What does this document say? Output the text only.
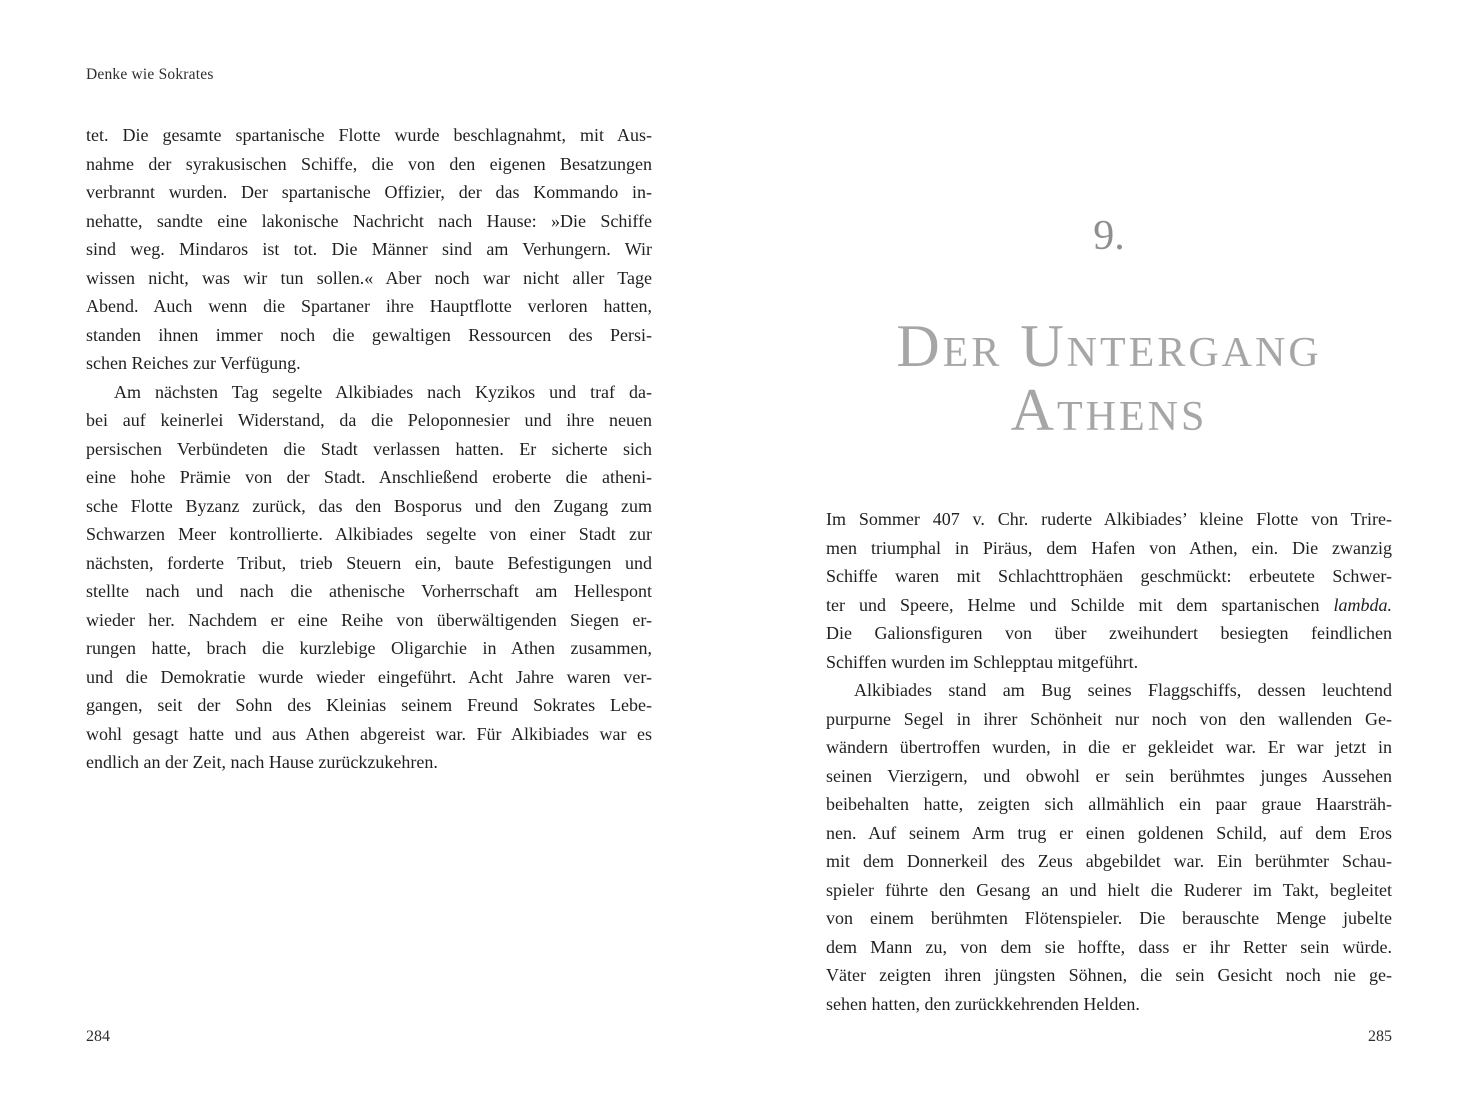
Denke wie Sokrates
tet. Die gesamte spartanische Flotte wurde beschlagnahmt, mit Aus-
nahme der syrakusischen Schiffe, die von den eigenen Besatzungen
verbrannt wurden. Der spartanische Offizier, der das Kommando in-
nehatte, sandte eine lakonische Nachricht nach Hause: »Die Schiffe
sind weg. Mindaros ist tot. Die Männer sind am Verhungern. Wir
wissen nicht, was wir tun sollen.« Aber noch war nicht aller Tage
Abend. Auch wenn die Spartaner ihre Hauptflotte verloren hatten,
standen ihnen immer noch die gewaltigen Ressourcen des Persi-
schen Reiches zur Verfügung.
Am nächsten Tag segelte Alkibiades nach Kyzikos und traf da-
bei auf keinerlei Widerstand, da die Peloponnesier und ihre neuen
persischen Verbündeten die Stadt verlassen hatten. Er sicherte sich
eine hohe Prämie von der Stadt. Anschließend eroberte die atheni-
sche Flotte Byzanz zurück, das den Bosporus und den Zugang zum
Schwarzen Meer kontrollierte. Alkibiades segelte von einer Stadt zur
nächsten, forderte Tribut, trieb Steuern ein, baute Befestigungen und
stellte nach und nach die athenische Vorherrschaft am Hellespont
wieder her. Nachdem er eine Reihe von überwältigenden Siegen er-
rungen hatte, brach die kurzlebige Oligarchie in Athen zusammen,
und die Demokratie wurde wieder eingeführt. Acht Jahre waren ver-
gangen, seit der Sohn des Kleinias seinem Freund Sokrates Lebe-
wohl gesagt hatte und aus Athen abgereist war. Für Alkibiades war es
endlich an der Zeit, nach Hause zurückzukehren.
284
9.
Der Untergang
Athens
Im Sommer 407 v. Chr. ruderte Alkibiades’ kleine Flotte von Trire-
men triumphal in Piräus, dem Hafen von Athen, ein. Die zwanzig
Schiffe waren mit Schlachttrophäen geschmückt: erbeutete Schwer-
ter und Speere, Helme und Schilde mit dem spartanischen lambda.
Die Galionsfiguren von über zweihundert besiegten feindlichen
Schiffen wurden im Schlepptau mitgeführt.
Alkibiades stand am Bug seines Flaggschiffs, dessen leuchtend
purpurne Segel in ihrer Schönheit nur noch von den wallenden Ge-
wändern übertroffen wurden, in die er gekleidet war. Er war jetzt in
seinen Vierzigern, und obwohl er sein berühmtes junges Aussehen
beibehalten hatte, zeigten sich allmählich ein paar graue Haarsträh-
nen. Auf seinem Arm trug er einen goldenen Schild, auf dem Eros
mit dem Donnerkeil des Zeus abgebildet war. Ein berühmter Schau-
spieler führte den Gesang an und hielt die Ruderer im Takt, begleitet
von einem berühmten Flötenspieler. Die berauschte Menge jubelte
dem Mann zu, von dem sie hoffte, dass er ihr Retter sein würde.
Väter zeigten ihren jüngsten Söhnen, die sein Gesicht noch nie ge-
sehen hatten, den zurückkehrenden Helden.
285
